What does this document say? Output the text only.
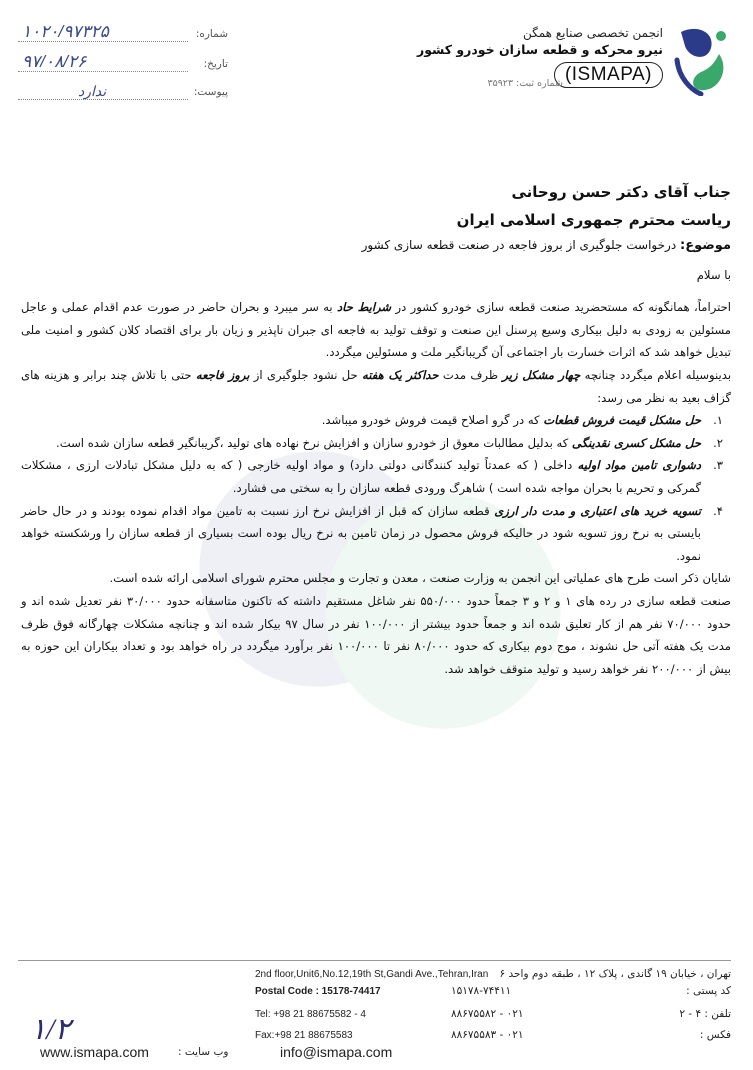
انجمن تخصصی صنایع همگن
نیرو محرکه و قطعه سازان خودرو کشور
(ISMAPA)
شماره ثبت: ۳۵۹۲۳
شماره:
۱۰۲۰/۹۷۳۲۵
تاریخ:
۹۷/۰۸/۲۶
پیوست:
ندارد
جناب آقای دکتر حسن روحانی
ریاست محترم جمهوری اسلامی ایران
موضوع: درخواست جلوگیری از بروز فاجعه در صنعت قطعه سازی کشور
با سلام

احتراماً، همانگونه که مستحضرید صنعت قطعه سازی خودرو کشور در شرایط حاد به سر میبرد و بحران حاضر در صورت عدم اقدام عملی و عاجل مسئولین به زودی به دلیل بیکاری وسیع پرسنل این صنعت و توقف تولید به فاجعه ای جبران ناپذیر و زیان بار برای اقتصاد کلان کشور و امنیت ملی تبدیل خواهد شد که اثرات خسارت بار اجتماعی آن گریبانگیر ملت و مسئولین میگردد.

بدینوسیله اعلام میگردد چنانچه چهار مشکل زیر ظرف مدت حداکثر یک هفته حل نشود جلوگیری از بروز فاجعه حتی با تلاش چند برابر و هزینه های گزاف بعید به نظر می رسد:

۱.
حل مشکل قیمت فروش قطعات که در گرو اصلاح قیمت فروش خودرو میباشد.
۲.
حل مشکل کسری نقدینگی که بدلیل مطالبات معوق از خودرو سازان و افزایش نرخ نهاده های تولید ،گریبانگیر قطعه سازان شده است.
۳.
دشواری تامین مواد اولیه داخلی ( که عمدتاً تولید کنندگانی دولتی دارد) و مواد اولیه خارجی ( که به دلیل مشکل تبادلات ارزی ، مشکلات گمرکی و تحریم با بحران مواجه شده است ) شاهرگ ورودی قطعه سازان را به سختی می فشارد.
۴.
تسویه خرید های اعتباری و مدت دار ارزی قطعه سازان که قبل از افزایش نرخ ارز نسبت به تامین مواد اقدام نموده بودند و در حال حاضر بایستی به نرخ روز تسویه شود در حالیکه فروش محصول در زمان تامین به نرخ ریال بوده است بسیاری از قطعه سازان را ورشکسته خواهد نمود.

شایان ذکر است طرح های عملیاتی این انجمن به وزارت صنعت ، معدن و تجارت و مجلس محترم شورای اسلامی ارائه شده است.

صنعت قطعه سازی در رده های ۱ و ۲ و ۳ جمعاً حدود ۵۵۰/۰۰۰ نفر شاغل مستقیم داشته که تاکنون متاسفانه حدود ۳۰/۰۰۰ نفر تعدیل شده اند و حدود ۷۰/۰۰۰ نفر هم از کار تعلیق شده اند و جمعاً حدود بیشتر از ۱۰۰/۰۰۰ نفر در سال ۹۷ بیکار شده اند و چنانچه مشکلات چهارگانه فوق ظرف مدت یک هفته آتی حل نشوند ، موج دوم بیکاری که حدود ۸۰/۰۰۰ نفر تا ۱۰۰/۰۰۰ نفر برآورد میگردد در راه خواهد بود و تعداد بیکاران این حوزه به بیش از ۲۰۰/۰۰۰ نفر خواهد رسید و تولید متوقف خواهد شد.

تهران ، خیابان ۱۹ گاندی ، پلاک ۱۲ ، طبقه دوم واحد ۶
کد پستی :
۱۵۱۷۸-۷۴۴۱۱
تلفن : ۴ - ۲
۰۲۱ - ۸۸۶۷۵۵۸۲
فکس :
۰۲۱ - ۸۸۶۷۵۵۸۳
2nd floor,Unit6,No.12,19th St,Gandi Ave.,Tehran,Iran
Postal Code : 15178-74417
Tel: +98 21 88675582 - 4
Fax:+98 21 88675583
www.ismapa.com	وب سایت :	info@ismapa.com
۱/۲
